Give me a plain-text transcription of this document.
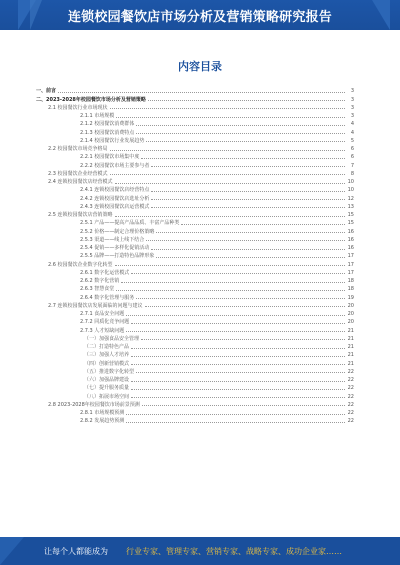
连锁校园餐饮店市场分析及营销策略研究报告
内容目录
一、前言	3
二、2023-2028年校园餐饮市场分析及营销策略	3
2.1 校园餐饮行业市场现状	3
2.1.1 市场规模	3
2.1.2 校园餐饮消费群体	4
2.1.3 校园餐饮消费特点	4
2.1.4 校园餐饮行业发展趋势	5
2.2 校园餐饮市场竞争格局	6
2.2.1 校园餐饮市场集中度	6
2.2.2 校园餐饮市场主要参与者	7
2.3 校园餐饮企业经营模式	8
2.4 连锁校园餐饮店经营模式	10
2.4.1 连锁校园餐饮店经营特点	10
2.4.2 连锁校园餐饮店选址分析	12
2.4.3 连锁校园餐饮店运营模式	13
2.5 连锁校园餐饮店营销策略	15
2.5.1 产品——提高产品品质、丰富产品种类	15
2.5.2 价格——制定合理价格策略	16
2.5.3 渠道——线上线下结合	16
2.5.4 促销——多样化促销活动	16
2.5.5 品牌——打造特色品牌形象	17
2.6 校园餐饮企业数字化转型	17
2.6.1 数字化运营模式	17
2.6.2 数字化营销	18
2.6.3 智慧食堂	18
2.6.4 数字化管理与服务	19
2.7 连锁校园餐饮店发展面临的问题与建议	20
2.7.1 食品安全问题	20
2.7.2 同质化竞争问题	20
2.7.3 人才短缺问题	21
（一）加强食品安全管理	21
（二）打造特色产品	21
（三）加强人才培养	21
（四）创新营销模式	21
（五）推进数字化转型	22
（六）加强品牌建设	22
（七）提升服务质量	22
（八）拓展市场空间	22
2.8 2023-2028年校园餐饮市场前景预测	22
2.8.1 市场规模预测	22
2.8.2 发展趋势预测	22
让每个人都能成为 行业专家、管理专家、营销专家、战略专家、成功企业家……
